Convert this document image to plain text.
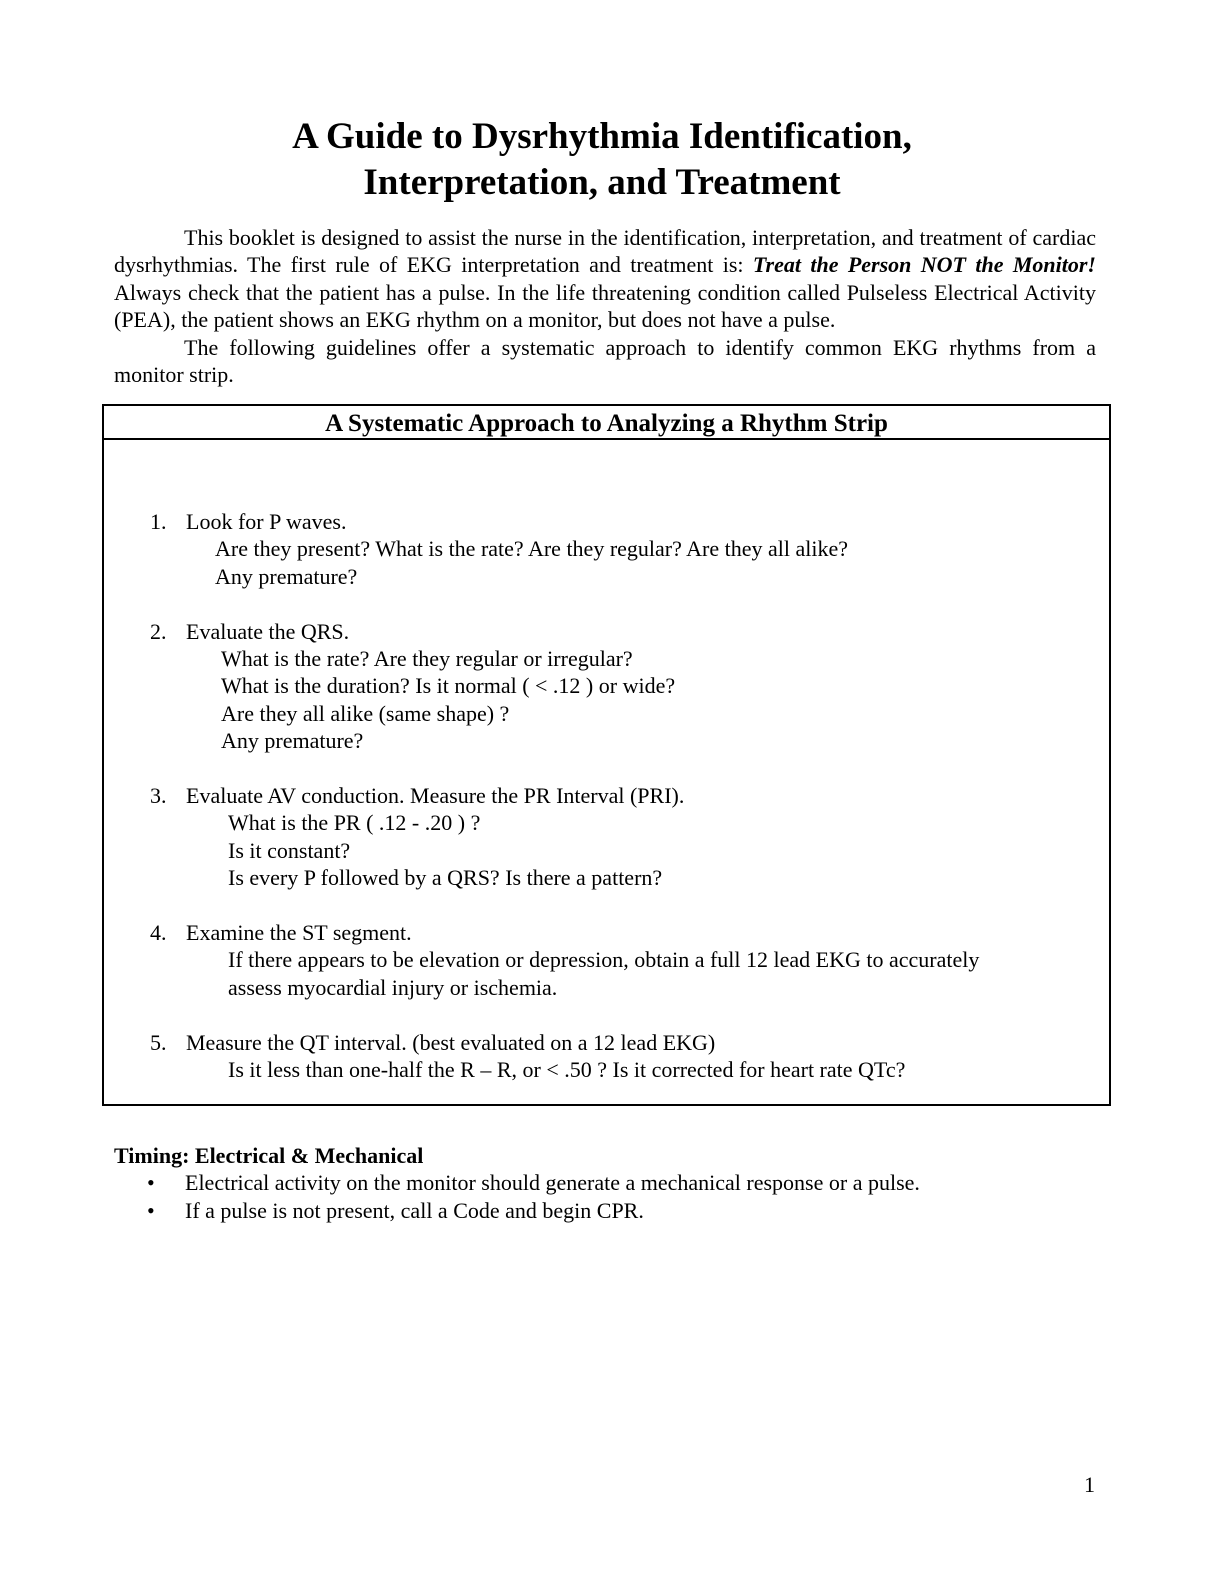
A Guide to Dysrhythmia Identification,
Interpretation, and Treatment

This booklet is designed to assist the nurse in the identification, interpretation, and treatment of cardiac dysrhythmias. The first rule of EKG interpretation and treatment is: Treat the Person NOT the Monitor! Always check that the patient has a pulse. In the life threatening condition called Pulseless Electrical Activity (PEA), the patient shows an EKG rhythm on a monitor, but does not have a pulse.

The following guidelines offer a systematic approach to identify common EKG rhythms from a monitor strip.

A Systematic Approach to Analyzing a Rhythm Strip
1. Look for P waves.
Are they present? What is the rate? Are they regular? Are they all alike?
Any premature?
2. Evaluate the QRS.
What is the rate? Are they regular or irregular?
What is the duration? Is it normal ( < .12 ) or wide?
Are they all alike (same shape) ?
Any premature?
3. Evaluate AV conduction. Measure the PR Interval (PRI).
What is the PR ( .12 - .20 ) ?
Is it constant?
Is every P followed by a QRS? Is there a pattern?
4. Examine the ST segment.
If there appears to be elevation or depression, obtain a full 12 lead EKG to accurately
assess myocardial injury or ischemia.
5. Measure the QT interval. (best evaluated on a 12 lead EKG)
Is it less than one-half the R – R, or < .50 ? Is it corrected for heart rate QTc?

Timing: Electrical & Mechanical

• Electrical activity on the monitor should generate a mechanical response or a pulse.
• If a pulse is not present, call a Code and begin CPR.
1
